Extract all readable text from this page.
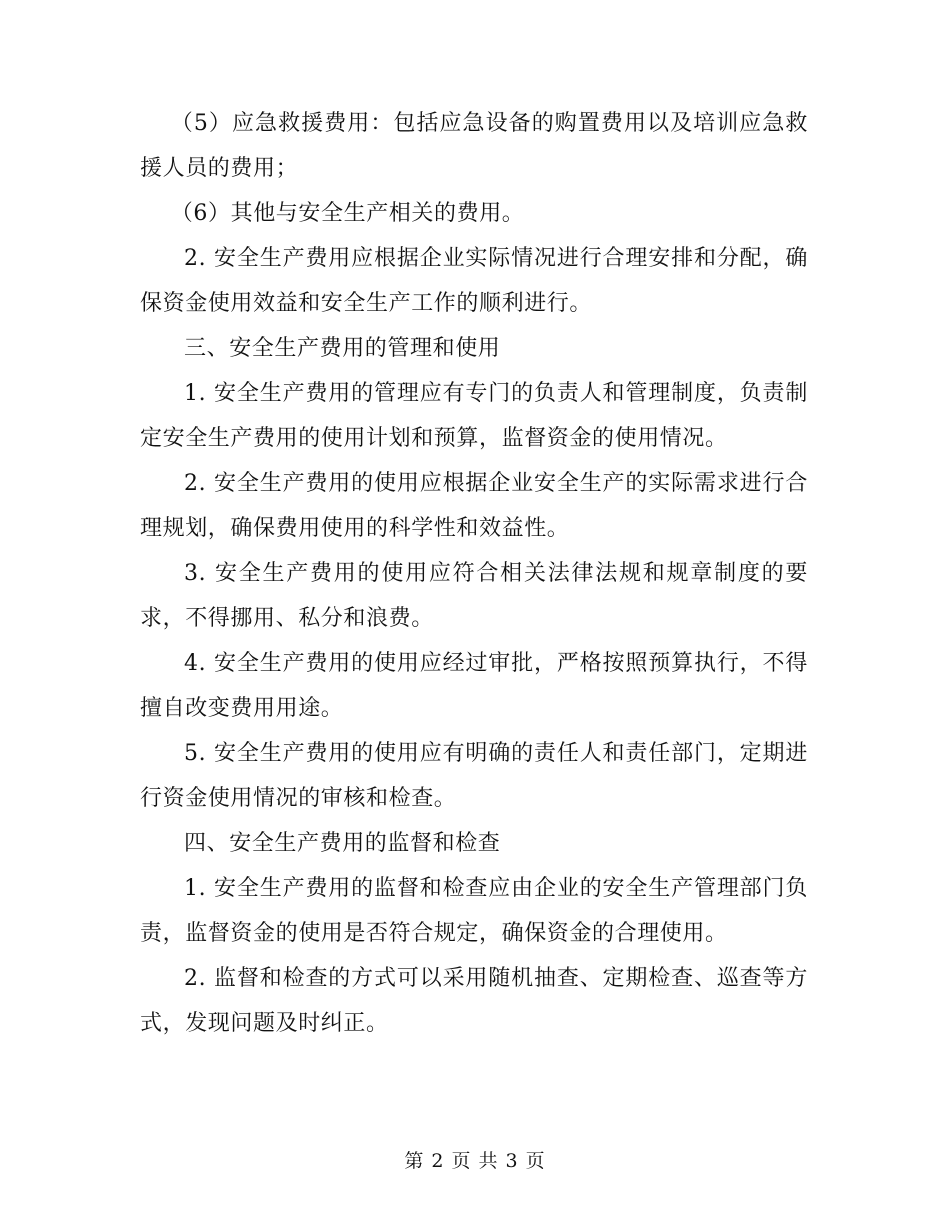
（5）应急救援费用：包括应急设备的购置费用以及培训应急救援人员的费用；

（6）其他与安全生产相关的费用。

2. 安全生产费用应根据企业实际情况进行合理安排和分配，确保资金使用效益和安全生产工作的顺利进行。

三、安全生产费用的管理和使用

1. 安全生产费用的管理应有专门的负责人和管理制度，负责制定安全生产费用的使用计划和预算，监督资金的使用情况。

2. 安全生产费用的使用应根据企业安全生产的实际需求进行合理规划，确保费用使用的科学性和效益性。

3. 安全生产费用的使用应符合相关法律法规和规章制度的要求，不得挪用、私分和浪费。

4. 安全生产费用的使用应经过审批，严格按照预算执行，不得擅自改变费用用途。

5. 安全生产费用的使用应有明确的责任人和责任部门，定期进行资金使用情况的审核和检查。

四、安全生产费用的监督和检查

1. 安全生产费用的监督和检查应由企业的安全生产管理部门负责，监督资金的使用是否符合规定，确保资金的合理使用。

2. 监督和检查的方式可以采用随机抽查、定期检查、巡查等方式，发现问题及时纠正。

第 2 页 共 3 页
